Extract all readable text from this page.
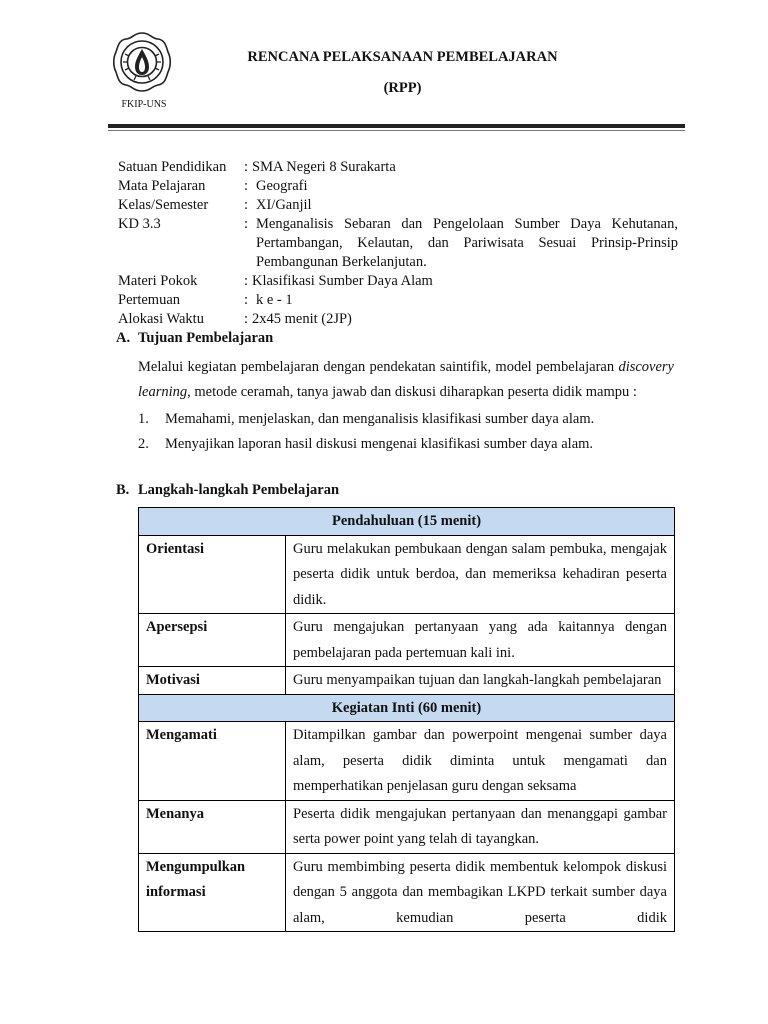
FKIP-UNS
RENCANA PELAKSANAAN PEMBELAJARAN
(RPP)
Satuan Pendidikan	: SMA Negeri 8 Surakarta
Mata Pelajaran	: Geografi
Kelas/Semester	: XI/Ganjil
KD 3.3	: Menganalisis Sebaran dan Pengelolaan Sumber Daya Kehutanan, Pertambangan, Kelautan, dan Pariwisata Sesuai Prinsip-Prinsip Pembangunan Berkelanjutan.
Materi Pokok	: Klasifikasi Sumber Daya Alam
Pertemuan	: k e - 1
Alokasi Waktu	: 2x45 menit (2JP)
A. Tujuan Pembelajaran

Melalui kegiatan pembelajaran dengan pendekatan saintifik, model pembelajaran discovery learning, metode ceramah, tanya jawab dan diskusi diharapkan peserta didik mampu :

1.	Memahami, menjelaskan, dan menganalisis klasifikasi sumber daya alam.
2.	Menyajikan laporan hasil diskusi mengenai klasifikasi sumber daya alam.
B. Langkah-langkah Pembelajaran
Pendahuluan (15 menit)	
Orientasi	Guru melakukan pembukaan dengan salam pembuka, mengajak peserta didik untuk berdoa, dan memeriksa kehadiran peserta didik.
Apersepsi	Guru mengajukan pertanyaan yang ada kaitannya dengan pembelajaran pada pertemuan kali ini.
Motivasi	Guru menyampaikan tujuan dan langkah-langkah pembelajaran
Kegiatan Inti (60 menit)	
Mengamati	Ditampilkan gambar dan powerpoint mengenai sumber daya alam, peserta didik diminta untuk mengamati dan memperhatikan penjelasan guru dengan seksama
Menanya	Peserta didik mengajukan pertanyaan dan menanggapi gambar serta power point yang telah di tayangkan.
Mengumpulkan informasi	Guru membimbing peserta didik membentuk kelompok diskusi dengan 5 anggota dan membagikan LKPD terkait sumber daya alam, kemudian peserta didik
